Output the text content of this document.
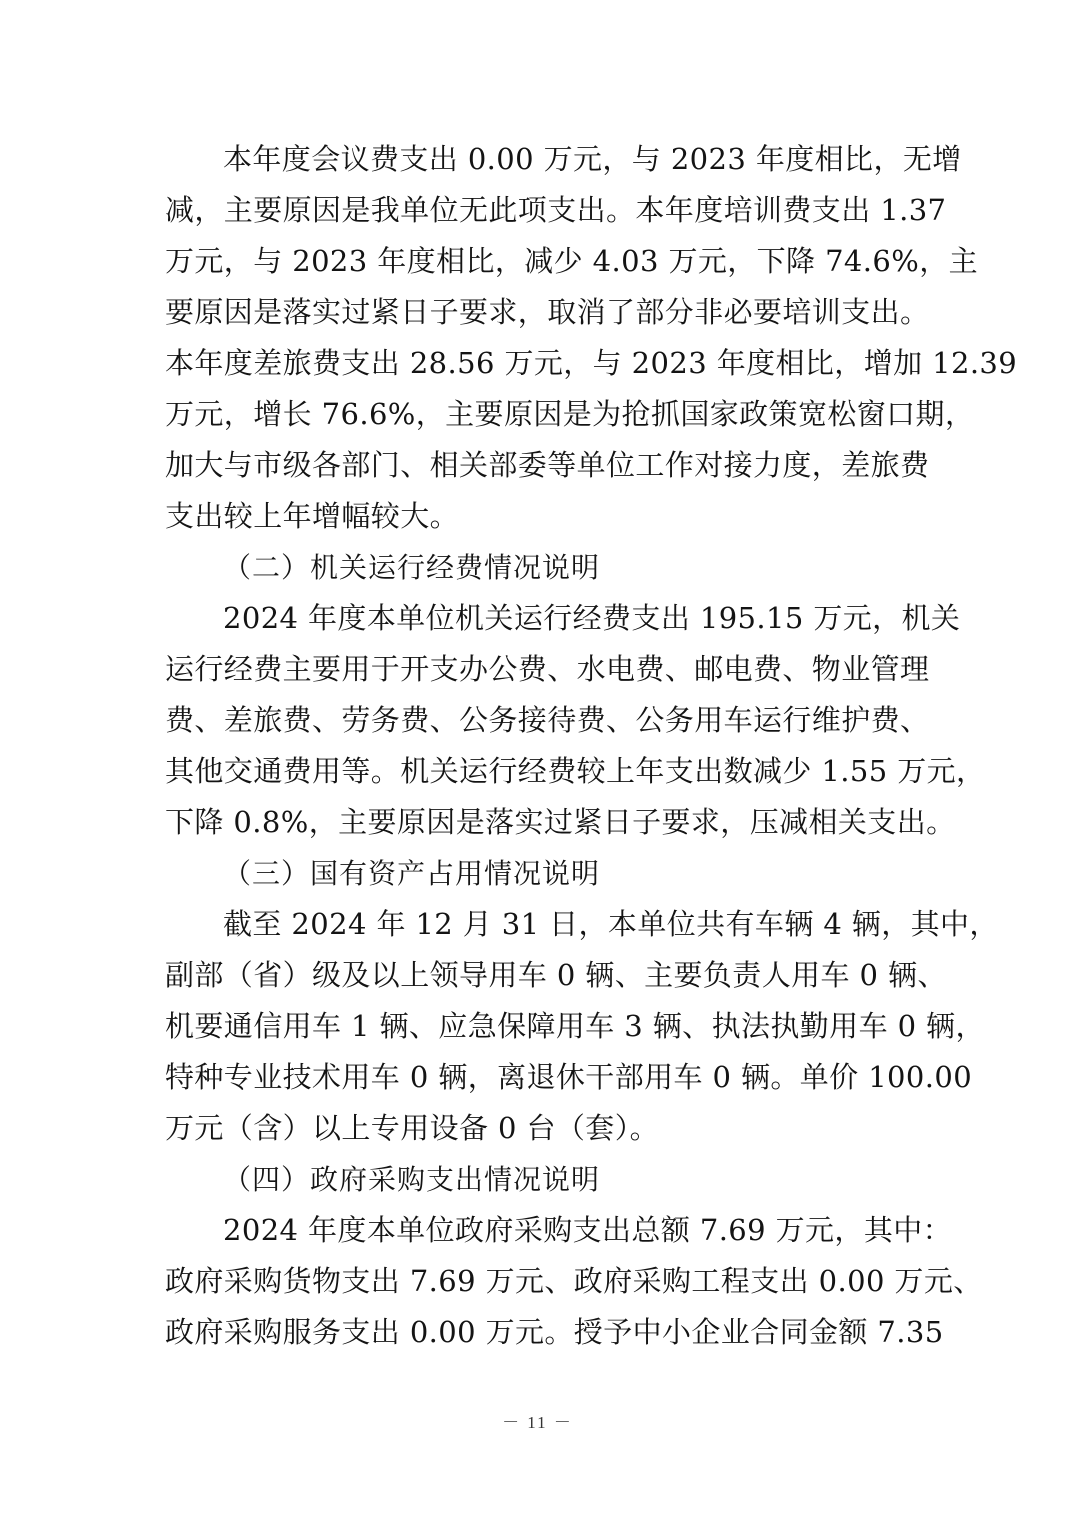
本年度会议费支出 0.00 万元，与 2023 年度相比，无增
减，主要原因是我单位无此项支出。本年度培训费支出 1.37
万元，与 2023 年度相比，减少 4.03 万元，下降 74.6%，主
要原因是落实过紧日子要求，取消了部分非必要培训支出。
本年度差旅费支出 28.56 万元，与 2023 年度相比，增加 12.39
万元，增长 76.6%，主要原因是为抢抓国家政策宽松窗口期，
加大与市级各部门、相关部委等单位工作对接力度，差旅费
支出较上年增幅较大。
（二）机关运行经费情况说明
2024 年度本单位机关运行经费支出 195.15 万元，机关
运行经费主要用于开支办公费、水电费、邮电费、物业管理
费、差旅费、劳务费、公务接待费、公务用车运行维护费、
其他交通费用等。机关运行经费较上年支出数减少 1.55 万元，
下降 0.8%，主要原因是落实过紧日子要求，压减相关支出。
（三）国有资产占用情况说明
截至 2024 年 12 月 31 日，本单位共有车辆 4 辆，其中，
副部（省）级及以上领导用车 0 辆、主要负责人用车 0 辆、
机要通信用车 1 辆、应急保障用车 3 辆、执法执勤用车 0 辆，
特种专业技术用车 0 辆，离退休干部用车 0 辆。单价 100.00
万元（含）以上专用设备 0 台（套）。
（四）政府采购支出情况说明
2024 年度本单位政府采购支出总额 7.69 万元，其中：
政府采购货物支出 7.69 万元、政府采购工程支出 0.00 万元、
政府采购服务支出 0.00 万元。授予中小企业合同金额 7.35
－ 11 －
